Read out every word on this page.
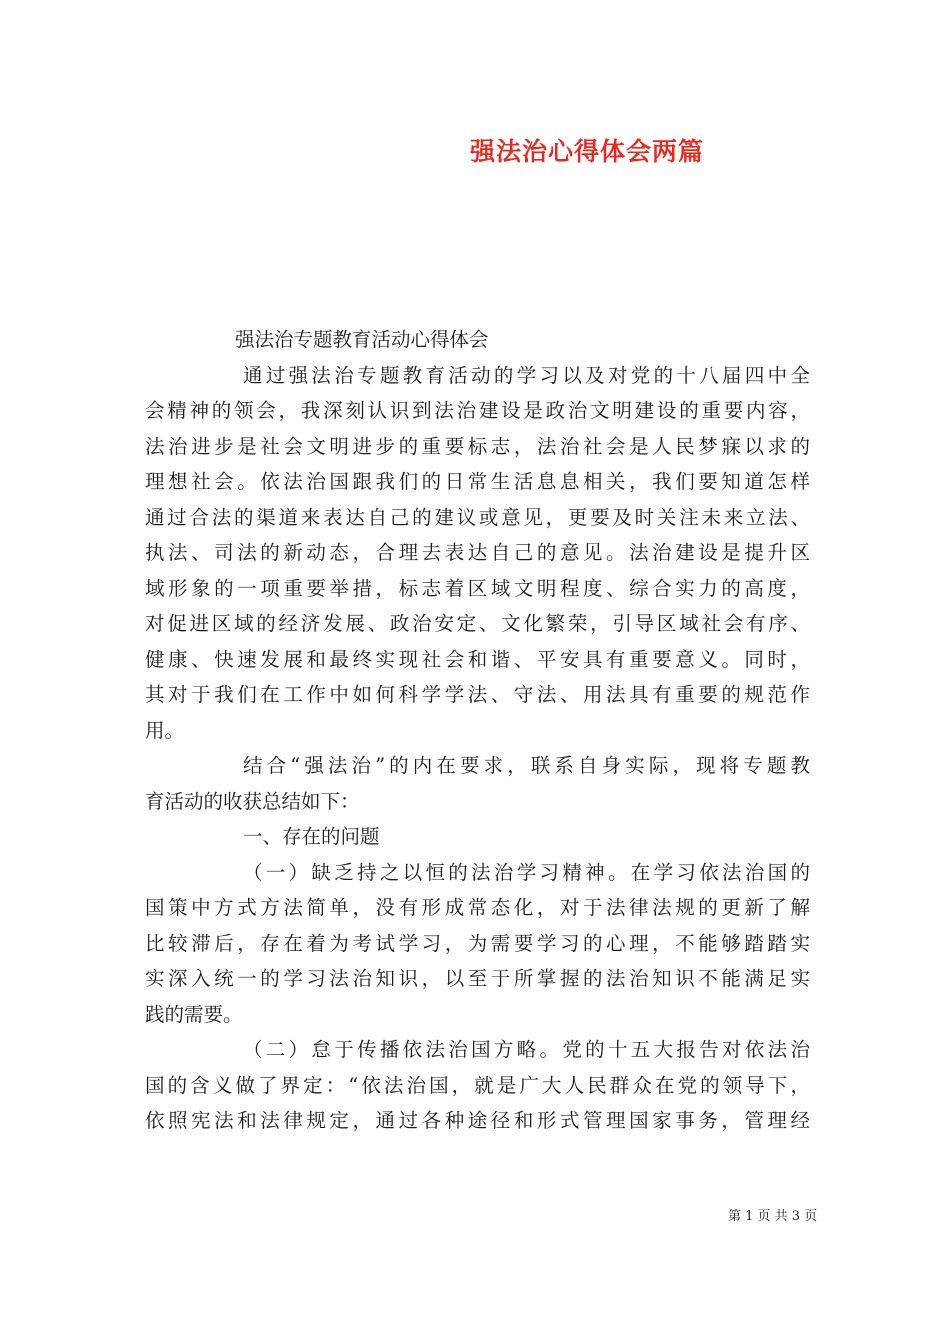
强法治心得体会两篇
强法治专题教育活动心得体会
通过强法治专题教育活动的学习以及对党的十八届四中全
会精神的领会，我深刻认识到法治建设是政治文明建设的重要内容，
法治进步是社会文明进步的重要标志，法治社会是人民梦寐以求的
理想社会。依法治国跟我们的日常生活息息相关，我们要知道怎样
通过合法的渠道来表达自己的建议或意见，更要及时关注未来立法、
执法、司法的新动态，合理去表达自己的意见。法治建设是提升区
域形象的一项重要举措，标志着区域文明程度、综合实力的高度，
对促进区域的经济发展、政治安定、文化繁荣，引导区域社会有序、
健康、快速发展和最终实现社会和谐、平安具有重要意义。同时，
其对于我们在工作中如何科学学法、守法、用法具有重要的规范作
用。
结合“强法治”的内在要求，联系自身实际，现将专题教
育活动的收获总结如下：
一、存在的问题
（一）缺乏持之以恒的法治学习精神。在学习依法治国的
国策中方式方法简单，没有形成常态化，对于法律法规的更新了解
比较滞后，存在着为考试学习，为需要学习的心理，不能够踏踏实
实深入统一的学习法治知识，以至于所掌握的法治知识不能满足实
践的需要。
（二）怠于传播依法治国方略。党的十五大报告对依法治
国的含义做了界定：“依法治国，就是广大人民群众在党的领导下，
依照宪法和法律规定，通过各种途径和形式管理国家事务，管理经
第 1 页 共 3 页
